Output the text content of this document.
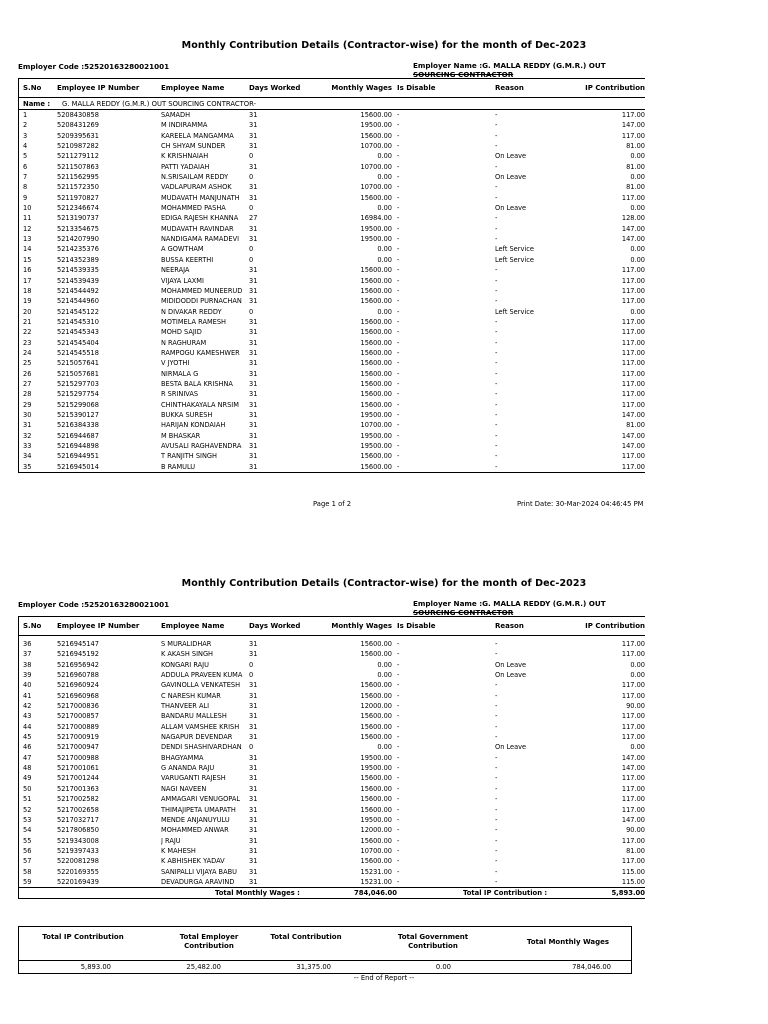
Monthly Contribution Details (Contractor-wise) for the month of Dec-2023
Employer Code :52520163280021001	Employer Name :G. MALLA REDDY (G.M.R.) OUT
SOURCING CONTRACTOR
S.No	Employee IP Number	Employee Name	Days Worked	Monthly Wages Is Disable	Reason	IP Contribution
Name : G. MALLA REDDY (G.M.R.) OUT SOURCING CONTRACTOR-
1	5208430858	SAMADH	31	15600.00 -	-	117.00
2	5208431269	M INDIRAMMA	31	19500.00 -	-	147.00
3	5209395631	KAREELA MANGAMMA	31	15600.00 -	-	117.00
4	5210987282	CH SHYAM SUNDER	31	10700.00 -	-	81.00
5	5211279112	K KRISHNAIAH	0	0.00 -	On Leave	0.00
6	5211507863	PATTI YADAIAH	31	10700.00 -	-	81.00
7	5211562995	N.SRISAILAM REDDY	0	0.00 -	On Leave	0.00
8	5211572350	VADLAPURAM ASHOK	31	10700.00 -	-	81.00
9	5211970827	MUDAVATH MANJUNATH	31	15600.00 -	-	117.00
10	5212346674	MOHAMMED PASHA	0	0.00 -	On Leave	0.00
11	5213190737	EDIGA RAJESH KHANNA	27	16984.00 -	-	128.00
12	5213354675	MUDAVATH RAVINDAR	31	19500.00 -	-	147.00
13	5214207990	NANDIGAMA RAMADEVI	31	19500.00 -	-	147.00
14	5214235376	A GOWTHAM	0	0.00 -	Left Service	0.00
15	5214352389	BUSSA KEERTHI	0	0.00 -	Left Service	0.00
16	5214539335	NEERAJA	31	15600.00 -	-	117.00
17	5214539439	VIJAYA LAXMI	31	15600.00 -	-	117.00
18	5214544492	MOHAMMED MUNEERUD	31	15600.00 -	-	117.00
19	5214544960	MIDIDODDI PURNACHAN	31	15600.00 -	-	117.00
20	5214545122	N DIVAKAR REDDY	0	0.00 -	Left Service	0.00
21	5214545310	MOTIMELA RAMESH	31	15600.00 -	-	117.00
22	5214545343	MOHD SAJID	31	15600.00 -	-	117.00
23	5214545404	N RAGHURAM	31	15600.00 -	-	117.00
24	5214545518	RAMPOGU KAMESHWER	31	15600.00 -	-	117.00
25	5215057641	V JYOTHI	31	15600.00 -	-	117.00
26	5215057681	NIRMALA G	31	15600.00 -	-	117.00
27	5215297703	BESTA BALA KRISHNA	31	15600.00 -	-	117.00
28	5215297754	R SRINIVAS	31	15600.00 -	-	117.00
29	5215299068	CHINTHAKAYALA NRSIM	31	15600.00 -	-	117.00
30	5215390127	BUKKA SURESH	31	19500.00 -	-	147.00
31	5216384338	HARIJAN KONDAIAH	31	10700.00 -	-	81.00
32	5216944687	M BHASKAR	31	19500.00 -	-	147.00
33	5216944898	AVUSALI RAGHAVENDRA	31	19500.00 -	-	147.00
34	5216944951	T RANJITH SINGH	31	15600.00 -	-	117.00
35	5216945014	B RAMULU	31	15600.00 -	-	117.00
Page 1 of 2	Print Date: 30-Mar-2024 04:46:45 PM
Monthly Contribution Details (Contractor-wise) for the month of Dec-2023
Employer Code :52520163280021001	Employer Name :G. MALLA REDDY (G.M.R.) OUT
SOURCING CONTRACTOR
S.No	Employee IP Number	Employee Name	Days Worked	Monthly Wages Is Disable	Reason	IP Contribution
36	5216945147	S MURALIDHAR	31	15600.00 -	-	117.00
37	5216945192	K AKASH SINGH	31	15600.00 -	-	117.00
38	5216956942	KONGARI RAJU	0	0.00 -	On Leave	0.00
39	5216960788	ADDULA PRAVEEN KUMA	0	0.00 -	On Leave	0.00
40	5216960924	GAVINOLLA VENKATESH	31	15600.00 -	-	117.00
41	5216960968	C NARESH KUMAR	31	15600.00 -	-	117.00
42	5217000836	THANVEER ALI	31	12000.00 -	-	90.00
43	5217000857	BANDARU MALLESH	31	15600.00 -	-	117.00
44	5217000889	ALLAM VAMSHEE KRISH	31	15600.00 -	-	117.00
45	5217000919	NAGAPUR DEVENDAR	31	15600.00 -	-	117.00
46	5217000947	DENDI SHASHIVARDHAN	0	0.00 -	On Leave	0.00
47	5217000988	BHAGYAMMA	31	19500.00 -	-	147.00
48	5217001061	G ANANDA RAJU	31	19500.00 -	-	147.00
49	5217001244	VARUGANTI RAJESH	31	15600.00 -	-	117.00
50	5217001363	NAGI NAVEEN	31	15600.00 -	-	117.00
51	5217002582	AMMAGARI VENUGOPAL	31	15600.00 -	-	117.00
52	5217002658	THIMAJIPETA UMAPATH	31	15600.00 -	-	117.00
53	5217032717	MENDE ANJANUYULU	31	19500.00 -	-	147.00
54	5217806850	MOHAMMED ANWAR	31	12000.00 -	-	90.00
55	5219343008	J RAJU	31	15600.00 -	-	117.00
56	5219397433	K MAHESH	31	10700.00 -	-	81.00
57	5220081298	K ABHISHEK YADAV	31	15600.00 -	-	117.00
58	5220169355	SANIPALLI VIJAYA BABU	31	15231.00 -	-	115.00
59	5220169439	DEVADURGA ARAVIND	31	15231.00 -	-	115.00
Total Monthly Wages :	784,046.00	Total IP Contribution :	5,893.00
Total IP Contribution	Total Employer
Contribution
Total Contribution	Total Government
Contribution	Total Monthly Wages
5,893.00	25,482.00	31,375.00	0.00	784,046.00
-- End of Report --
